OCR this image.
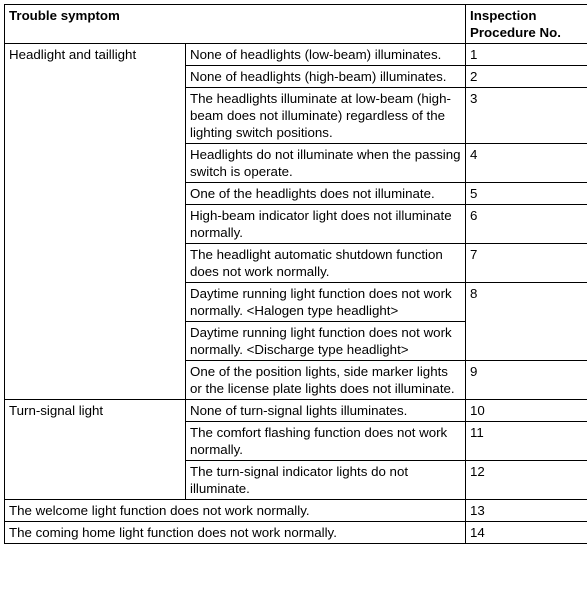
Trouble symptom		Inspection Procedure No.
Headlight and taillight	None of headlights (low-beam) illuminates.	1
	None of headlights (high-beam) illuminates.	2
	The headlights illuminate at low-beam (high-beam does not illuminate) regardless of the lighting switch positions.	3
	Headlights do not illuminate when the passing switch is operate.	4
	One of the headlights does not illuminate.	5
	High-beam indicator light does not illuminate normally.	6
	The headlight automatic shutdown function does not work normally.	7
	Daytime running light function does not work normally. <Halogen type headlight>	8
	Daytime running light function does not work normally. <Discharge type headlight>	
	One of the position lights, side marker lights or the license plate lights does not illuminate.	9
Turn-signal light	None of turn-signal lights illuminates.	10
	The comfort flashing function does not work normally.	11
	The turn-signal indicator lights do not illuminate.	12
The welcome light function does not work normally.		13
The coming home light function does not work normally.		14
